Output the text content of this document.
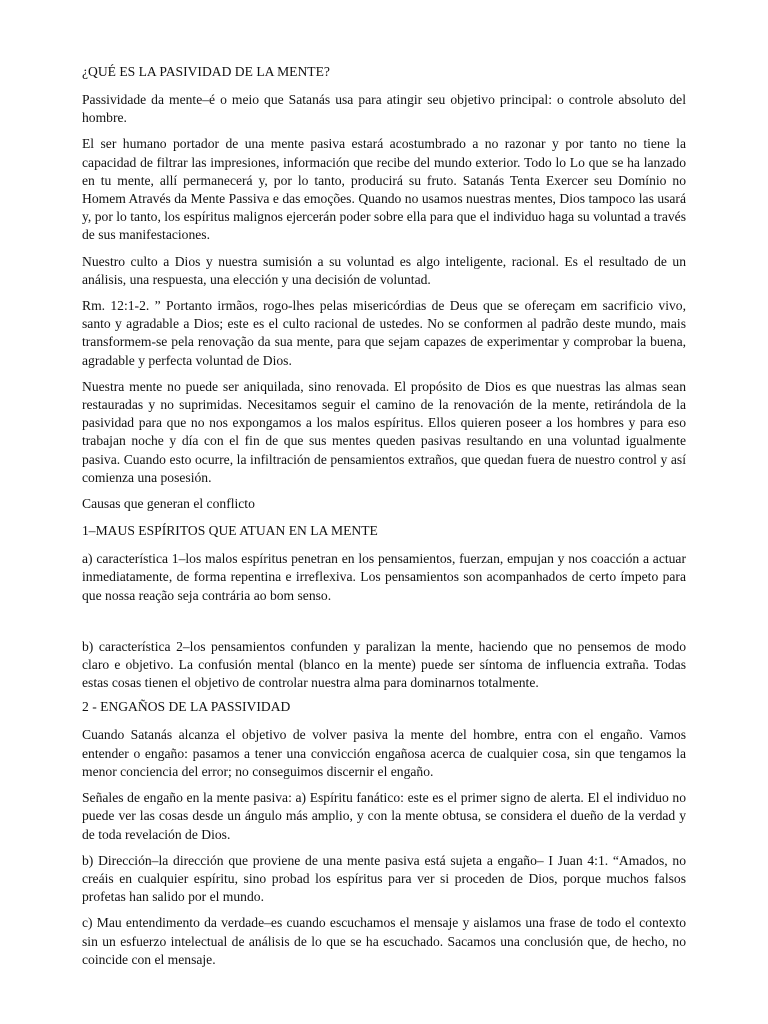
¿QUÉ ES LA PASIVIDAD DE LA MENTE?

Passividade da mente–é o meio que Satanás usa para atingir seu objetivo principal: o controle absoluto del hombre.

El ser humano portador de una mente pasiva estará acostumbrado a no razonar y por tanto no tiene la capacidad de filtrar las impresiones, información que recibe del mundo exterior. Todo lo Lo que se ha lanzado en tu mente, allí permanecerá y, por lo tanto, producirá su fruto. Satanás Tenta Exercer seu Domínio no Homem Através da Mente Passiva e das emoções. Quando no usamos nuestras mentes, Dios tampoco las usará y, por lo tanto, los espíritus malignos ejercerán poder sobre ella para que el individuo haga su voluntad a través de sus manifestaciones.

Nuestro culto a Dios y nuestra sumisión a su voluntad es algo inteligente, racional. Es el resultado de un análisis, una respuesta, una elección y una decisión de voluntad.

Rm. 12:1-2. ” Portanto irmãos, rogo-lhes pelas misericórdias de Deus que se ofereçam em sacrificio vivo, santo y agradable a Dios; este es el culto racional de ustedes. No se conformen al padrão deste mundo, mais transformem-se pela renovação da sua mente, para que sejam capazes de experimentar y comprobar la buena, agradable y perfecta voluntad de Dios.

Nuestra mente no puede ser aniquilada, sino renovada. El propósito de Dios es que nuestras las almas sean restauradas y no suprimidas. Necesitamos seguir el camino de la renovación de la mente, retirándola de la pasividad para que no nos expongamos a los malos espíritus. Ellos quieren poseer a los hombres y para eso trabajan noche y día con el fin de que sus mentes queden pasivas resultando en una voluntad igualmente pasiva. Cuando esto ocurre, la infiltración de pensamientos extraños, que quedan fuera de nuestro control y así comienza una posesión.

Causas que generan el conflicto

1–MAUS ESPÍRITOS QUE ATUAN EN LA MENTE

a) característica 1–los malos espíritus penetran en los pensamientos, fuerzan, empujan y nos coacción a actuar inmediatamente, de forma repentina e irreflexiva. Los pensamientos son acompanhados de certo ímpeto para que nossa reação seja contrária ao bom senso.

b) característica 2–los pensamientos confunden y paralizan la mente, haciendo que no pensemos de modo claro e objetivo. La confusión mental (blanco en la mente) puede ser síntoma de influencia extraña. Todas estas cosas tienen el objetivo de controlar nuestra alma para dominarnos totalmente.

2 - ENGAÑOS DE LA PASSIVIDAD

Cuando Satanás alcanza el objetivo de volver pasiva la mente del hombre, entra con el engaño. Vamos entender o engaño: pasamos a tener una convicción engañosa acerca de cualquier cosa, sin que tengamos la menor conciencia del error; no conseguimos discernir el engaño.

Señales de engaño en la mente pasiva: a) Espíritu fanático: este es el primer signo de alerta. El el individuo no puede ver las cosas desde un ángulo más amplio, y con la mente obtusa, se considera el dueño de la verdad y de toda revelación de Dios.

b) Dirección–la dirección que proviene de una mente pasiva está sujeta a engaño– I Juan 4:1. “Amados, no creáis en cualquier espíritu, sino probad los espíritus para ver si proceden de Dios, porque muchos falsos profetas han salido por el mundo.

c) Mau entendimento da verdade–es cuando escuchamos el mensaje y aislamos una frase de todo el contexto sin un esfuerzo intelectual de análisis de lo que se ha escuchado. Sacamos una conclusión que, de hecho, no coincide con el mensaje.
